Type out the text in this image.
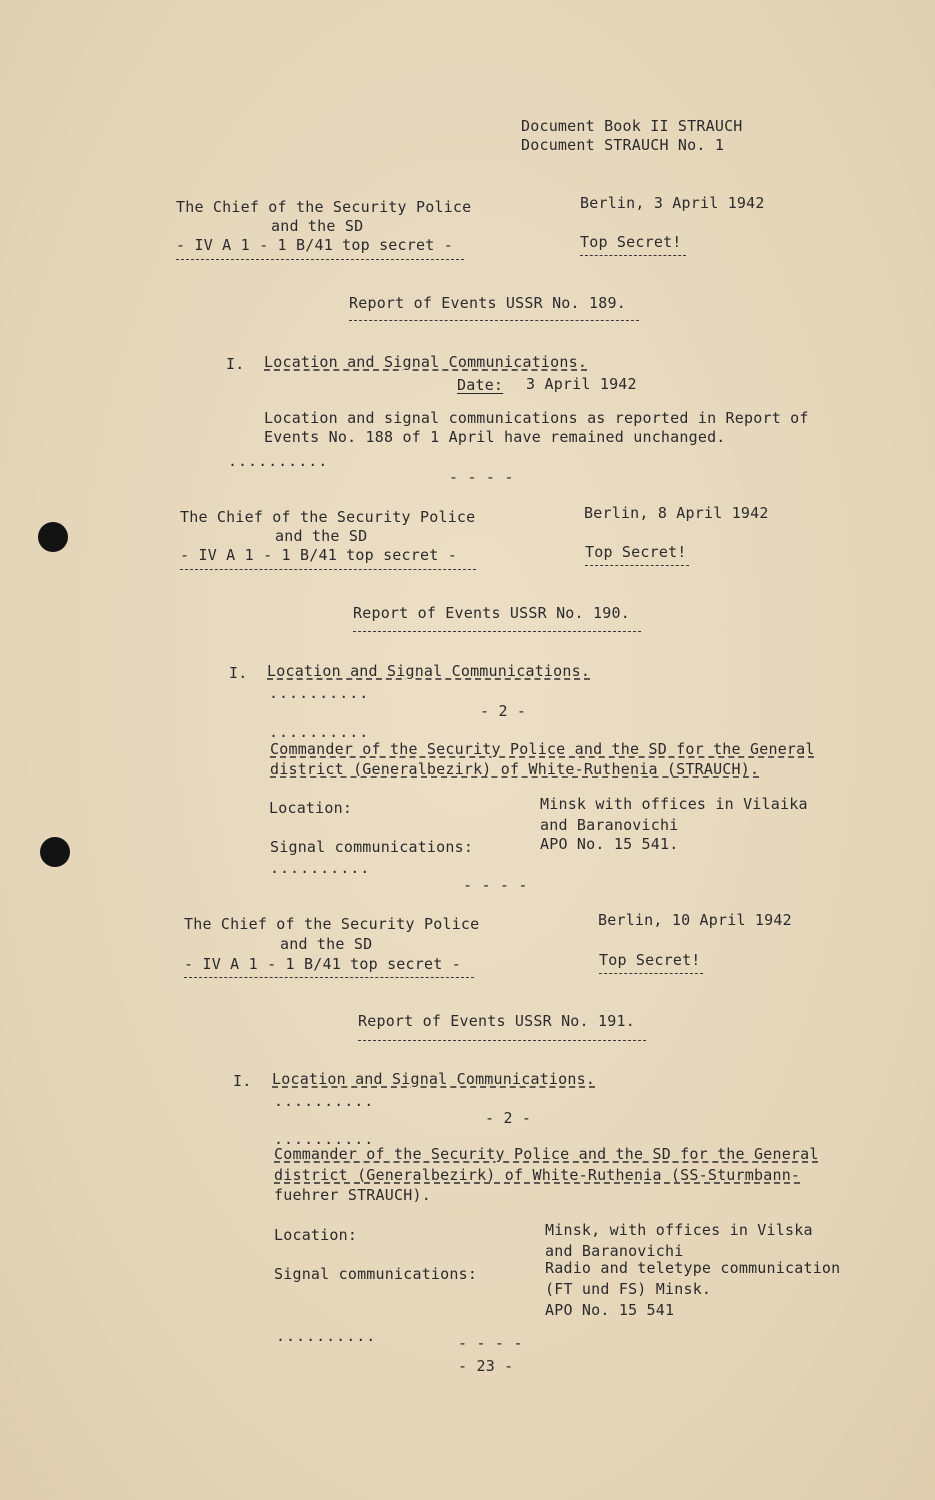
Document Book II STRAUCH
Document STRAUCH No. 1
The Chief of the Security Police
and the SD
- IV A 1 - 1 B/41 top secret -
Berlin, 3 April 1942
Top Secret!
Report of Events USSR No. 189.
I. Location and Signal Communications.
Date: 3 April 1942
Location and signal communications as reported in Report of
Events No. 188 of 1 April have remained unchanged.
..........
- - - -
The Chief of the Security Police
and the SD
- IV A 1 - 1 B/41 top secret -
Berlin, 8 April 1942
Top Secret!
Report of Events USSR No. 190.
I. Location and Signal Communications.
..........
- 2 -
..........
Commander of the Security Police and the SD for the General
district (Generalbezirk) of White-Ruthenia (STRAUCH).
Location:	Minsk with offices in Vilaika
and Baranovichi
Signal communications:	APO No. 15 541.
..........
- - - -
The Chief of the Security Police
and the SD
- IV A 1 - 1 B/41 top secret -
Berlin, 10 April 1942
Top Secret!
Report of Events USSR No. 191.
I. Location and Signal Communications.
..........
- 2 -
..........
Commander of the Security Police and the SD for the General
district (Generalbezirk) of White-Ruthenia (SS-Sturmbann-
fuehrer STRAUCH).
Location:	Minsk, with offices in Vilska
and Baranovichi
Signal communications:	Radio and teletype communication
(FT und FS) Minsk.
APO No. 15 541
..........	- - - -
- 23 -
